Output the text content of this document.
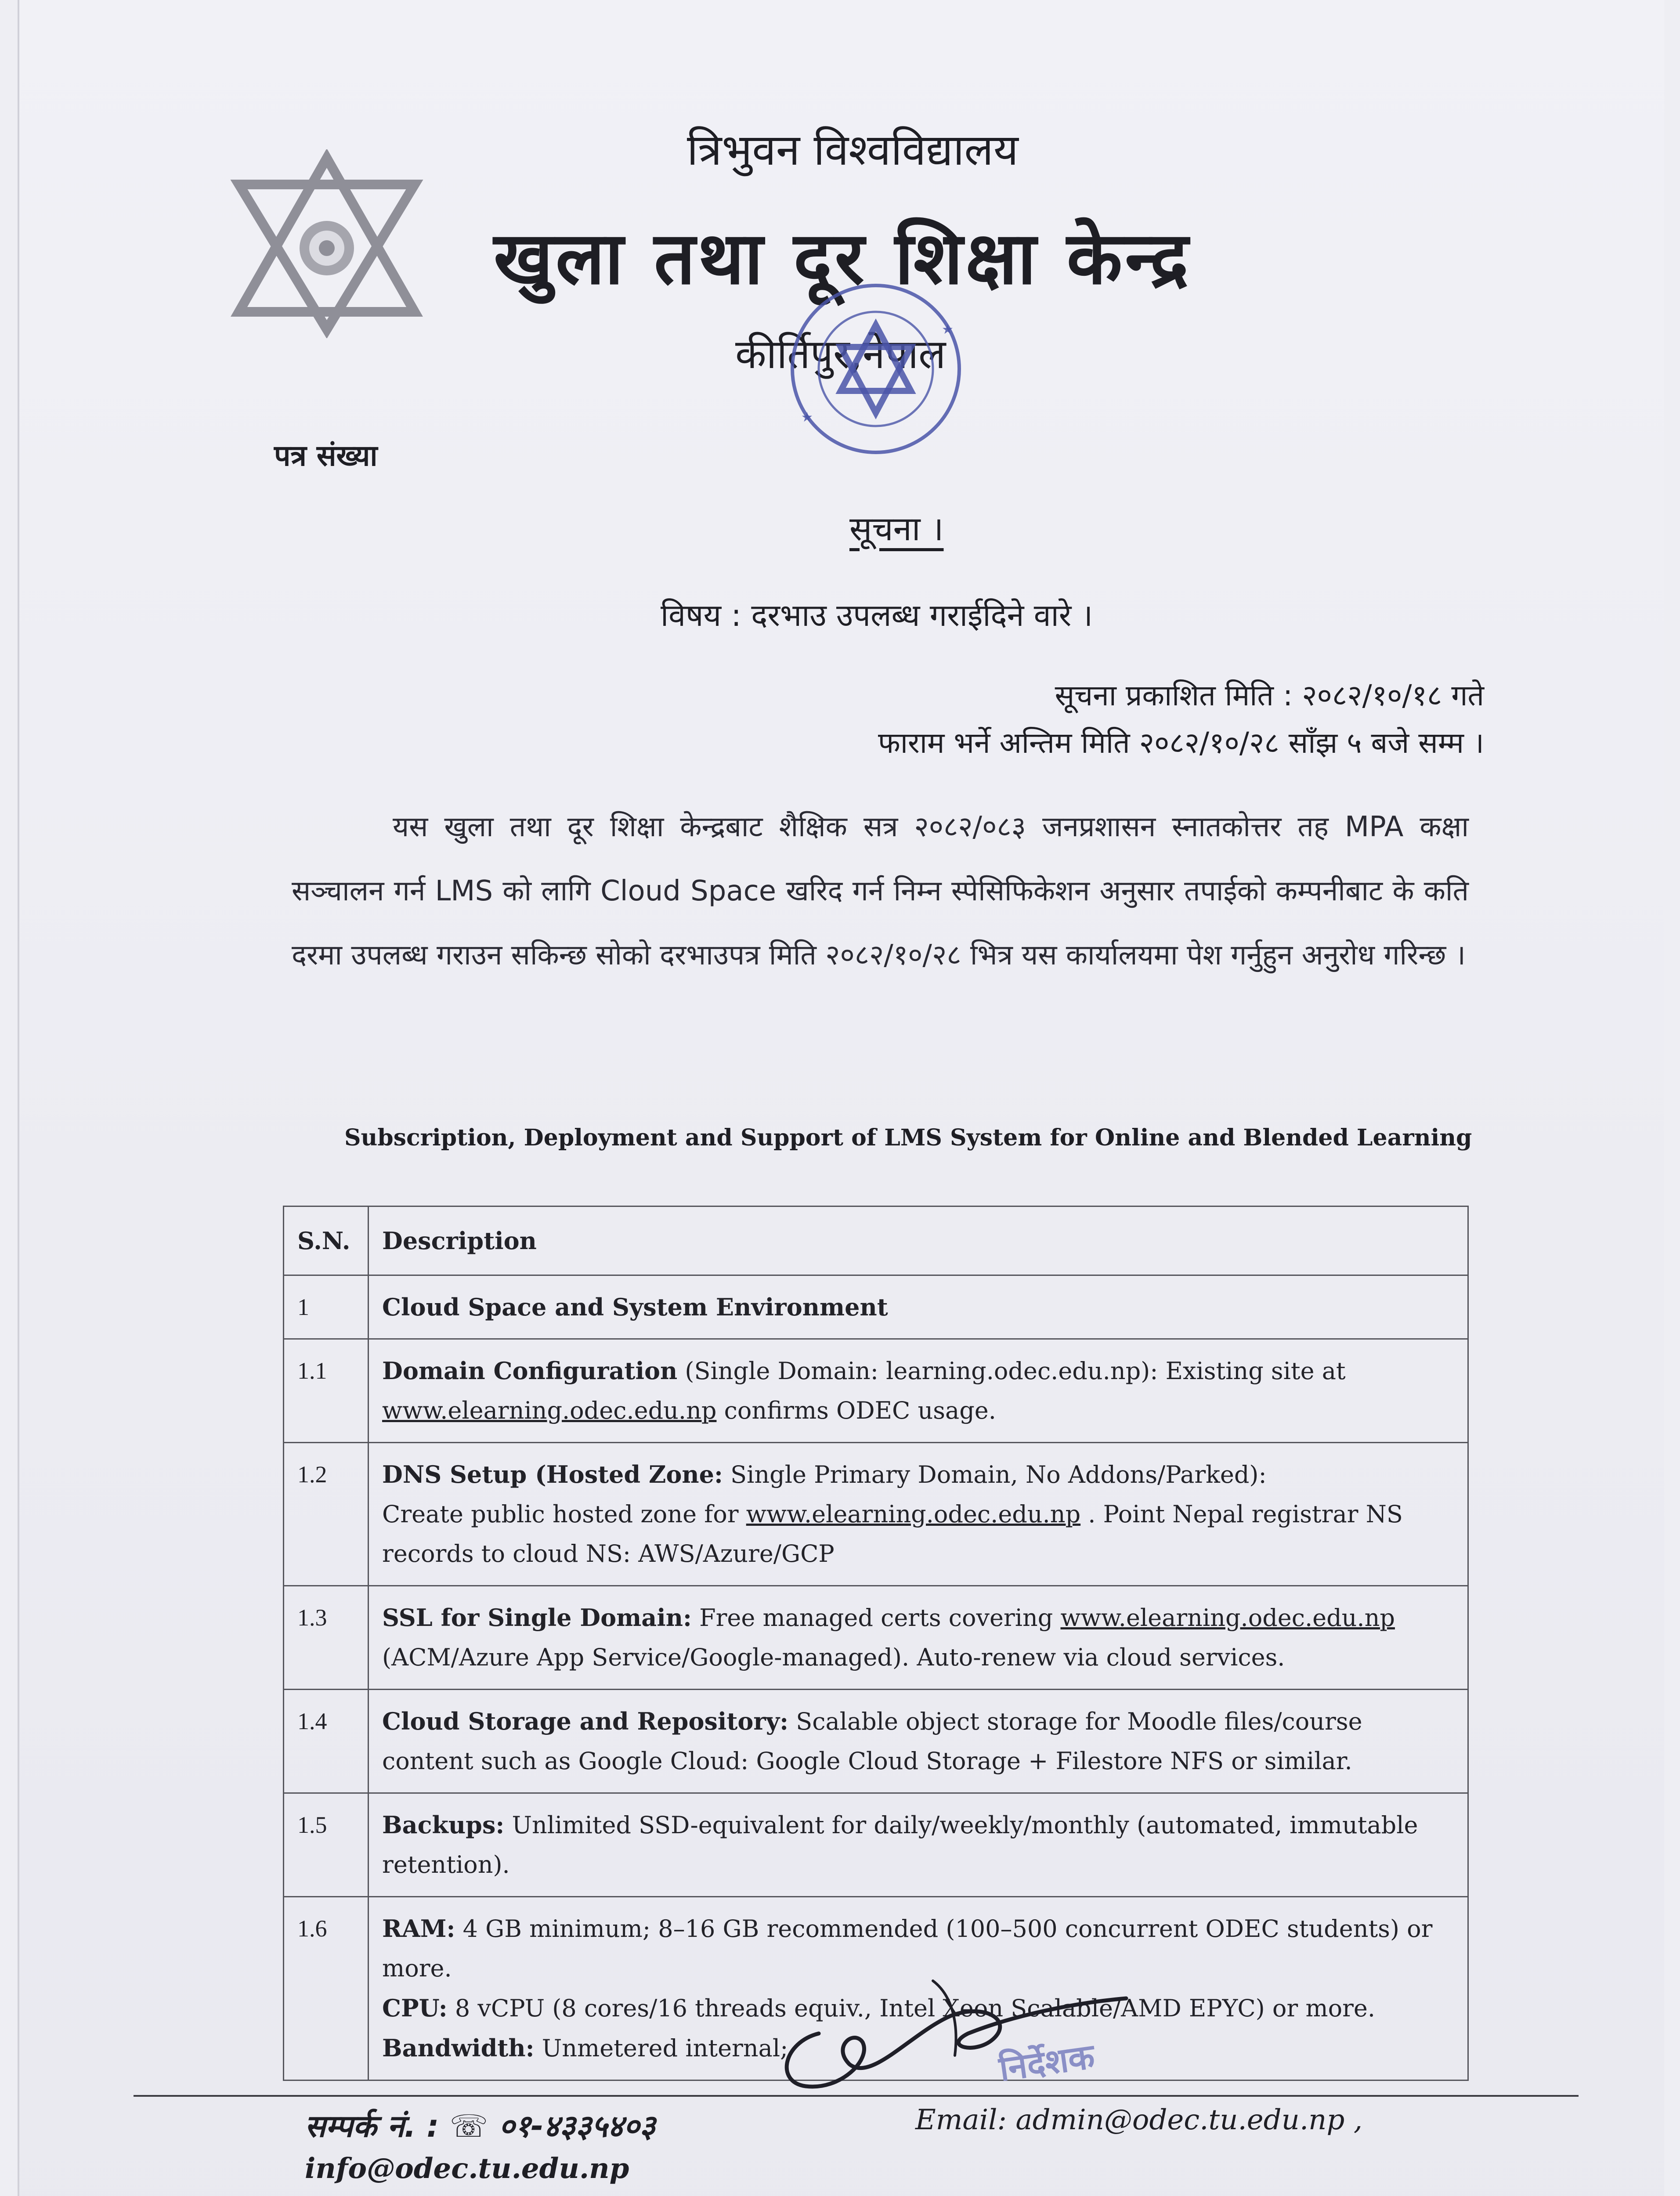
त्रिभुवन विश्वविद्यालय
खुला तथा दूर शिक्षा केन्द्र
कीर्तिपुर,नेपाल
★
★
पत्र संख्या
सूचना ।
विषय : दरभाउ उपलब्ध गराईदिने वारे ।
सूचना प्रकाशित मिति : २०८२/१०/१८ गते
फाराम भर्ने अन्तिम मिति २०८२/१०/२८ साँझ ५ बजे सम्म ।
यस खुला तथा दूर शिक्षा केन्द्रबाट शैक्षिक सत्र २०८२/०८३ जनप्रशासन स्नातकोत्तर तह MPA कक्षा सञ्चालन गर्न LMS को लागि Cloud Space खरिद गर्न निम्न स्पेसिफिकेशन अनुसार तपाईको कम्पनीबाट के कति दरमा उपलब्ध गराउन सकिन्छ सोको दरभाउपत्र मिति २०८२/१०/२८ भित्र यस कार्यालयमा पेश गर्नुहुन अनुरोध गरिन्छ ।
Subscription, Deployment and Support of LMS System for Online and Blended Learning
S.N.	Description
1	Cloud Space and System Environment
1.1	Domain Configuration (Single Domain: learning.odec.edu.np): Existing site at www.elearning.odec.edu.np confirms ODEC usage.
1.2	DNS Setup (Hosted Zone: Single Primary Domain, No Addons/Parked):
Create public hosted zone for www.elearning.odec.edu.np . Point Nepal registrar NS records to cloud NS: AWS/Azure/GCP
1.3	SSL for Single Domain: Free managed certs covering www.elearning.odec.edu.np (ACM/Azure App Service/Google-managed). Auto-renew via cloud services.
1.4	Cloud Storage and Repository: Scalable object storage for Moodle files/course content such as Google Cloud: Google Cloud Storage + Filestore NFS or similar.
1.5	Backups: Unlimited SSD-equivalent for daily/weekly/monthly (automated, immutable retention).
1.6	RAM: 4 GB minimum; 8–16 GB recommended (100–500 concurrent ODEC students) or more.
CPU: 8 vCPU (8 cores/16 threads equiv., Intel Xeon Scalable/AMD EPYC) or more.
Bandwidth: Unmetered internal;	निर्देशक
सम्पर्क नं. : ☏ ०१-४३३५४०३	Email: admin@odec.tu.edu.np ,
info@odec.tu.edu.np
